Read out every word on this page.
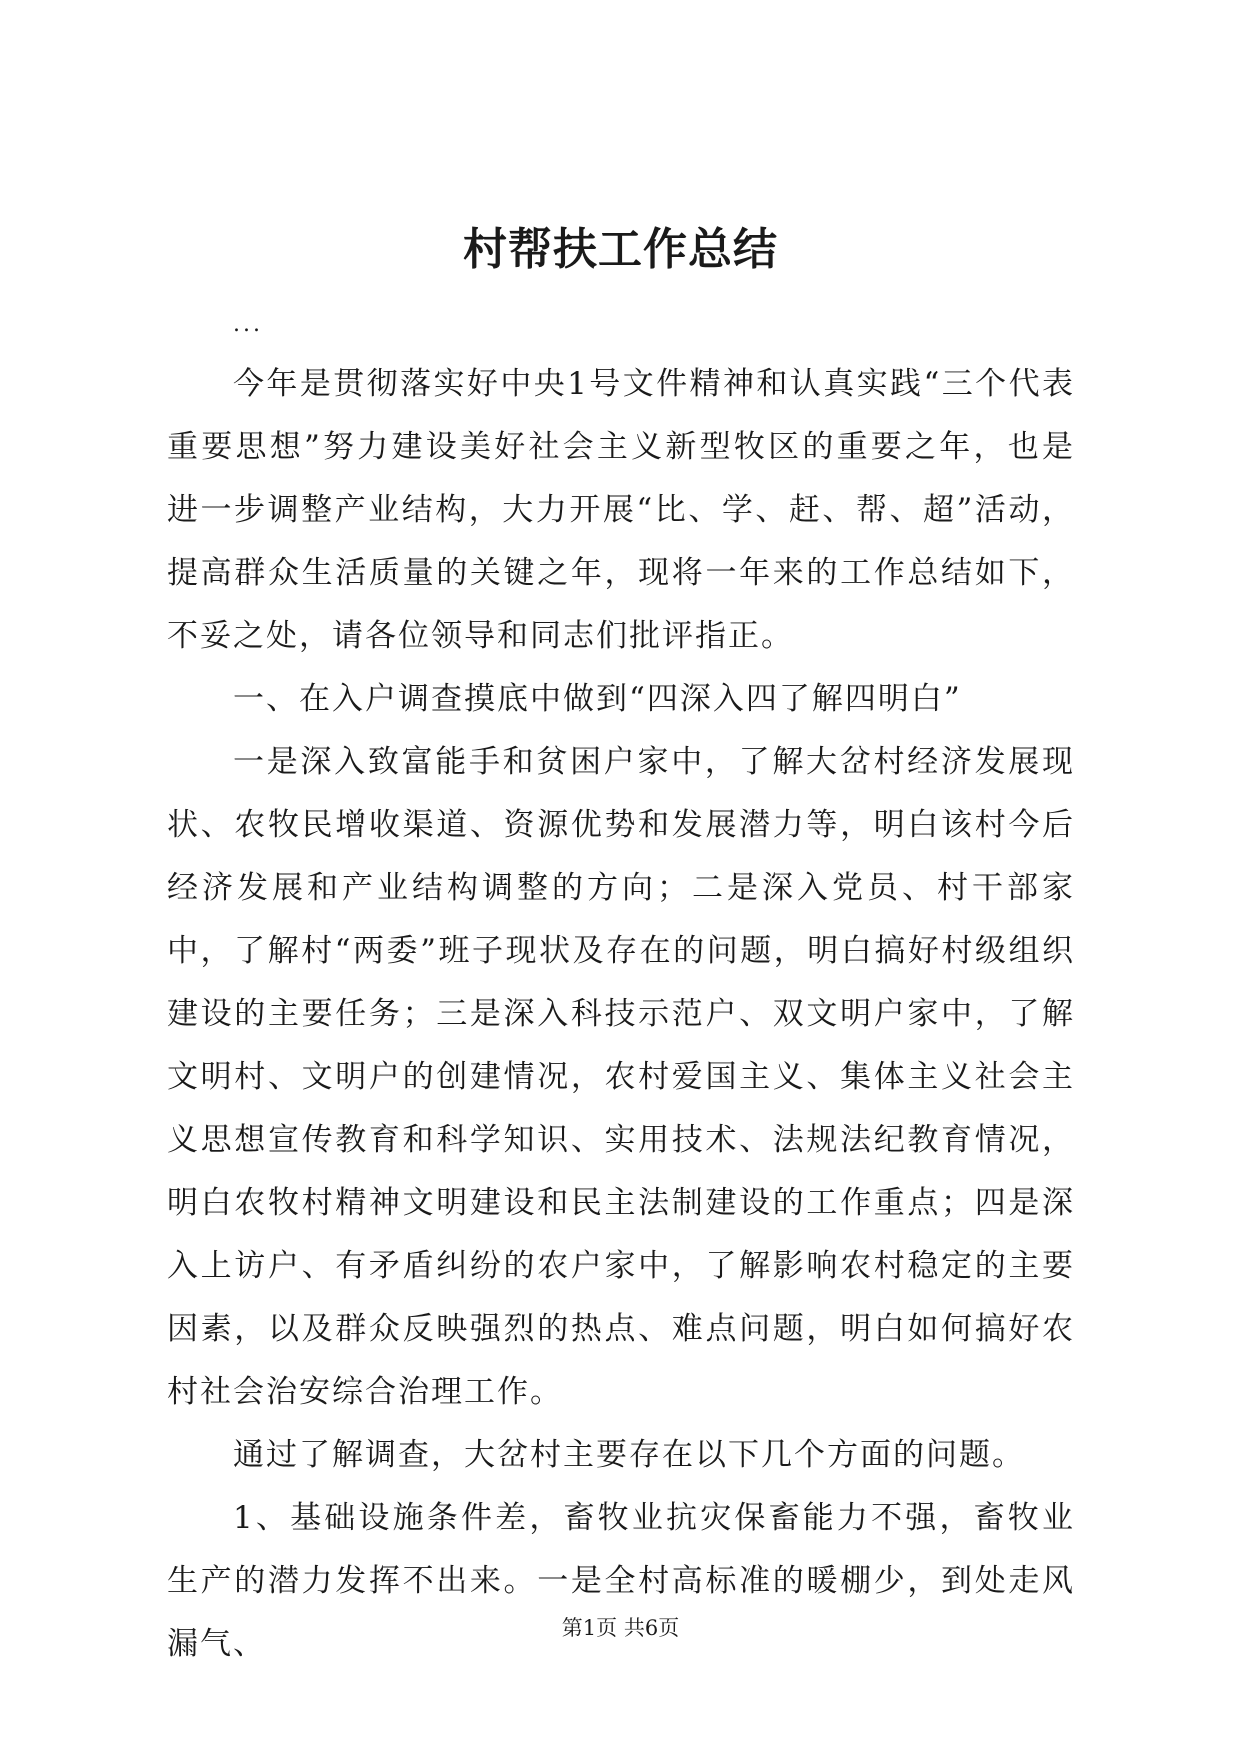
村帮扶工作总结
...

今年是贯彻落实好中央1号文件精神和认真实践“三个代表重要思想”努力建设美好社会主义新型牧区的重要之年，也是进一步调整产业结构，大力开展“比、学、赶、帮、超”活动，提高群众生活质量的关键之年，现将一年来的工作总结如下，不妥之处，请各位领导和同志们批评指正。

一、在入户调查摸底中做到“四深入四了解四明白”

一是深入致富能手和贫困户家中，了解大岔村经济发展现状、农牧民增收渠道、资源优势和发展潜力等，明白该村今后经济发展和产业结构调整的方向；二是深入党员、村干部家中，了解村“两委”班子现状及存在的问题，明白搞好村级组织建设的主要任务；三是深入科技示范户、双文明户家中，了解文明村、文明户的创建情况，农村爱国主义、集体主义社会主义思想宣传教育和科学知识、实用技术、法规法纪教育情况，明白农牧村精神文明建设和民主法制建设的工作重点；四是深入上访户、有矛盾纠纷的农户家中，了解影响农村稳定的主要因素，以及群众反映强烈的热点、难点问题，明白如何搞好农村社会治安综合治理工作。

通过了解调查，大岔村主要存在以下几个方面的问题。

1、基础设施条件差，畜牧业抗灾保畜能力不强，畜牧业生产的潜力发挥不出来。一是全村高标准的暖棚少，到处走风漏气、	第1页 共6页
